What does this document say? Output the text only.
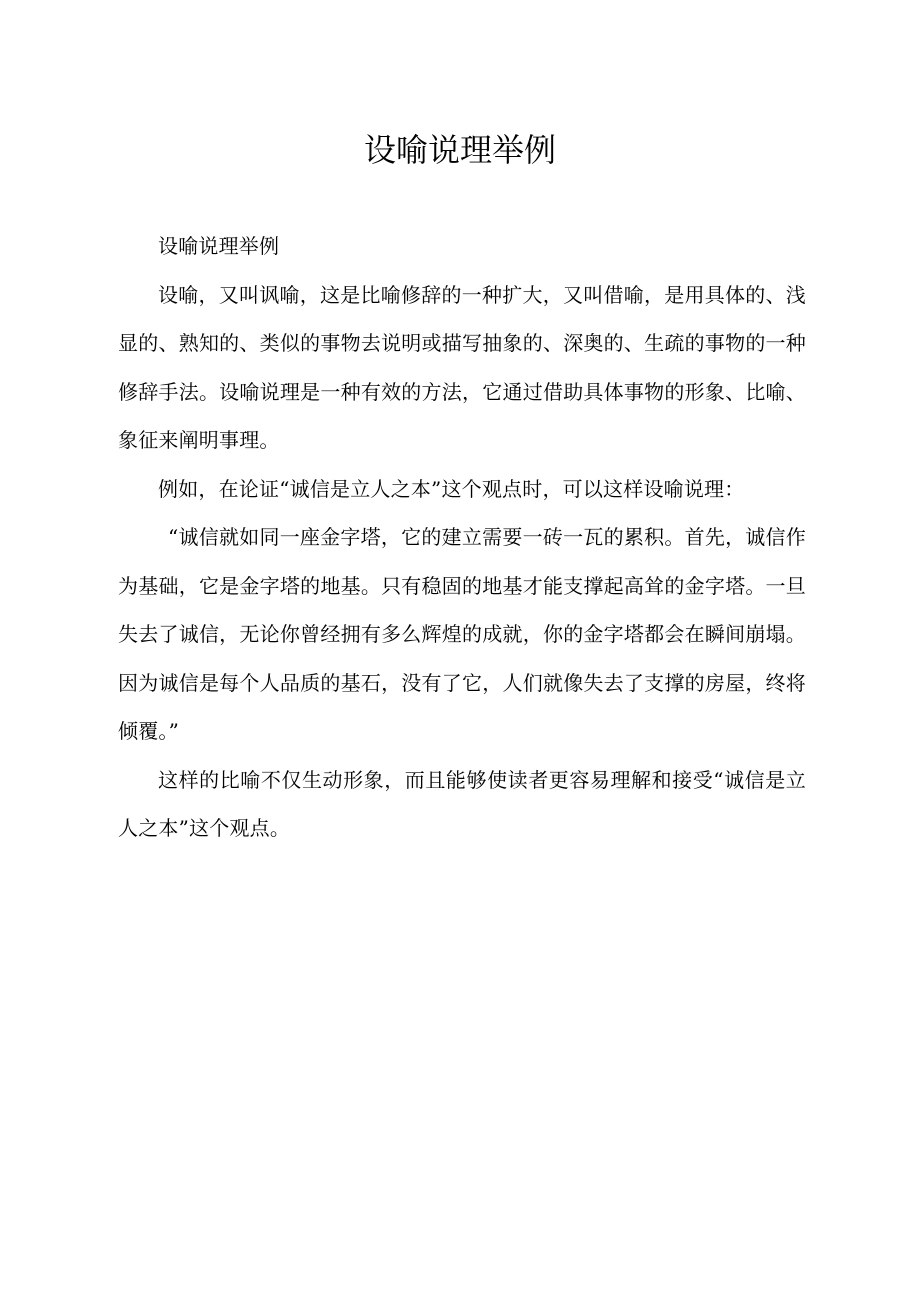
设喻说理举例

设喻说理举例

设喻，又叫讽喻，这是比喻修辞的一种扩大，又叫借喻，是用具体的、浅显的、熟知的、类似的事物去说明或描写抽象的、深奥的、生疏的事物的一种修辞手法。设喻说理是一种有效的方法，它通过借助具体事物的形象、比喻、象征来阐明事理。

例如，在论证“诚信是立人之本”这个观点时，可以这样设喻说理：

“诚信就如同一座金字塔，它的建立需要一砖一瓦的累积。首先，诚信作为基础，它是金字塔的地基。只有稳固的地基才能支撑起高耸的金字塔。一旦失去了诚信，无论你曾经拥有多么辉煌的成就，你的金字塔都会在瞬间崩塌。因为诚信是每个人品质的基石，没有了它，人们就像失去了支撑的房屋，终将倾覆。”

这样的比喻不仅生动形象，而且能够使读者更容易理解和接受“诚信是立人之本”这个观点。
